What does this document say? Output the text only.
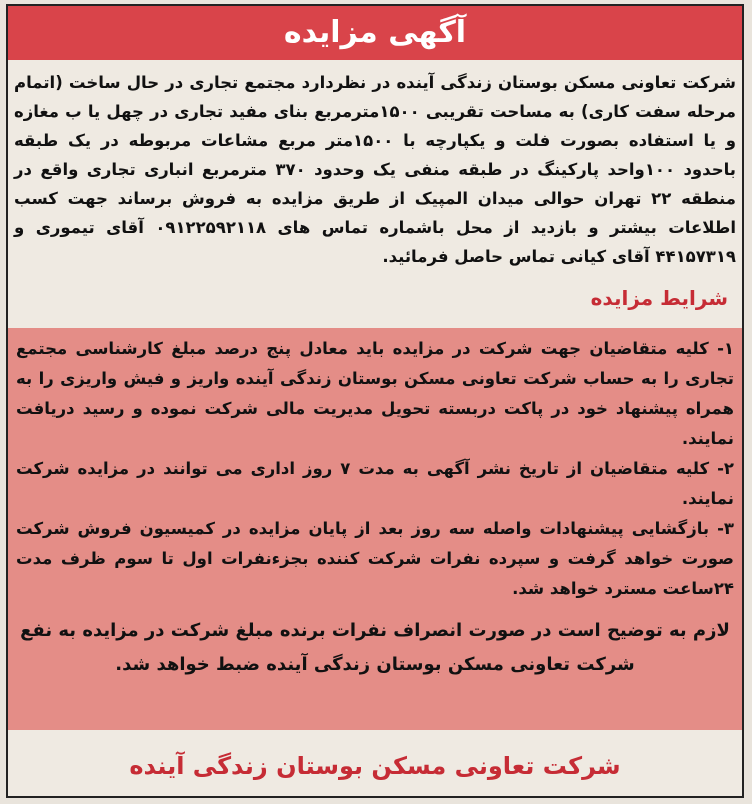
آگهی مزایده
شرکت تعاونی مسکن بوستان زندگی آینده در نظردارد مجتمع تجاری در حال ساخت (اتمام مرحله سفت کاری) به مساحت تقریبی ۱۵۰۰مترمربع بنای مفید تجاری در چهل یا ب مغازه و یا استفاده بصورت فلت و یکپارچه با ۱۵۰۰متر مربع مشاعات مربوطه در یک طبقه باحدود ۱۰۰واحد پارکینگ در طبقه منفی یک وحدود ۳۷۰ مترمربع انباری تجاری واقع در منطقه ۲۲ تهران حوالی میدان المپیک از طریق مزایده به فروش برساند جهت کسب اطلاعات بیشتر و بازدید از محل باشماره تماس های ۰۹۱۲۲۵۹۲۱۱۸ آقای تیموری و ۴۴۱۵۷۳۱۹ آقای کیانی تماس حاصل فرمائید.
شرایط مزایده

۱- کلیه متقاضیان جهت شرکت در مزایده باید معادل پنج درصد مبلغ کارشناسی مجتمع تجاری را به حساب شرکت تعاونی مسکن بوستان زندگی آینده واریز و فیش واریزی را به همراه پیشنهاد خود در پاکت دربسته تحویل مدیریت مالی شرکت نموده و رسید دریافت نمایند.

۲- کلیه متقاضیان از تاریخ نشر آگهی به مدت ۷ روز اداری می توانند در مزایده شرکت نمایند.

۳- بازگشایی پیشنهادات واصله سه روز بعد از پایان مزایده در کمیسیون فروش شرکت صورت خواهد گرفت و سپرده نفرات شرکت کننده بجزءنفرات اول تا سوم ظرف مدت ۲۴ساعت مسترد خواهد شد.

لازم به توضیح است در صورت انصراف نفرات برنده مبلغ شرکت در مزایده به نفع شرکت تعاونی مسکن بوستان زندگی آینده ضبط خواهد شد.

شرکت تعاونی مسکن بوستان زندگی آینده
